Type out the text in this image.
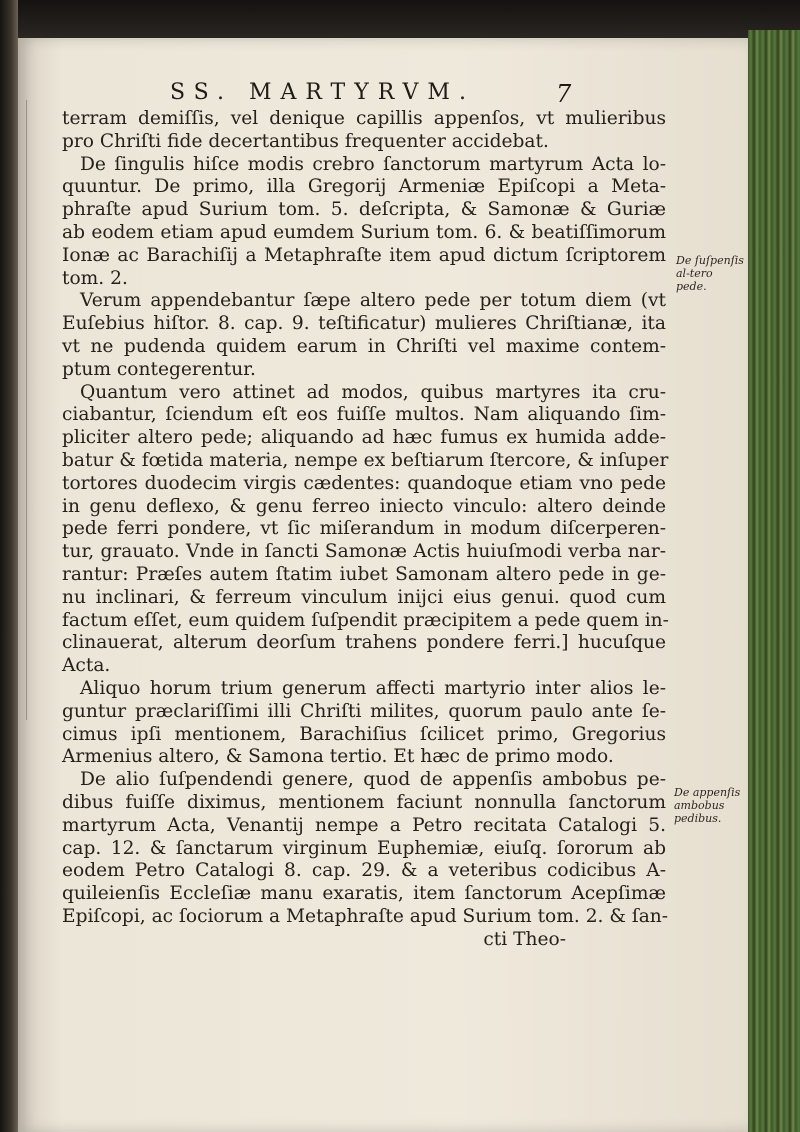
SS. MARTYRVM.	7
terram demiſſis, vel denique capillis appenſos, vt mulieribus
pro Chriſti fide decertantibus frequenter accidebat.
De ſingulis hiſce modis crebro ſanctorum martyrum Acta lo-
quuntur. De primo, illa Gregorij Armeniæ Epiſcopi a Meta-
phraſte apud Surium tom. 5. deſcripta, & Samonæ & Guriæ
ab eodem etiam apud eumdem Surium tom. 6. & beatiſſimorum
Ionæ ac Barachiſij a Metaphraſte item apud dictum ſcriptorem
tom. 2.
Verum appendebantur ſæpe altero pede per totum diem (vt
Euſebius hiſtor. 8. cap. 9. teſtificatur) mulieres Chriſtianæ, ita
vt ne pudenda quidem earum in Chriſti vel maxime contem-
ptum contegerentur.
Quantum vero attinet ad modos, quibus martyres ita cru-
ciabantur, ſciendum eſt eos fuiſſe multos. Nam aliquando ſim-
pliciter altero pede; aliquando ad hæc fumus ex humida adde-
batur & fœtida materia, nempe ex beſtiarum ſtercore, & inſuper
tortores duodecim virgis cædentes: quandoque etiam vno pede
in genu deflexo, & genu ferreo iniecto vinculo: altero deinde
pede ferri pondere, vt ſic miſerandum in modum diſcerperen-
tur, grauato. Vnde in ſancti Samonæ Actis huiuſmodi verba nar-
rantur: Præſes autem ſtatim iubet Samonam altero pede in ge-
nu inclinari, & ferreum vinculum inijci eius genui. quod cum
factum eſſet, eum quidem ſuſpendit præcipitem a pede quem in-
clinauerat, alterum deorſum trahens pondere ferri.] hucuſque
Acta.
Aliquo horum trium generum affecti martyrio inter alios le-
guntur præclariſſimi illi Chriſti milites, quorum paulo ante ſe-
cimus ipſi mentionem, Barachiſius ſcilicet primo, Gregorius
Armenius altero, & Samona tertio. Et hæc de primo modo.
De alio ſuſpendendi genere, quod de appenſis ambobus pe-
dibus fuiſſe diximus, mentionem faciunt nonnulla ſanctorum
martyrum Acta, Venantij nempe a Petro recitata Catalogi 5.
cap. 12. & ſanctarum virginum Euphemiæ, eiuſq. ſororum ab
eodem Petro Catalogi 8. cap. 29. & a veteribus codicibus A-
quileienſis Eccleſiæ manu exaratis, item ſanctorum Acepſimæ
Epiſcopi, ac ſociorum a Metaphraſte apud Surium tom. 2. & ſan-
cti Theo-
De ſuſpenſis al-tero pede.
De appenſis ambobus pedibus.
